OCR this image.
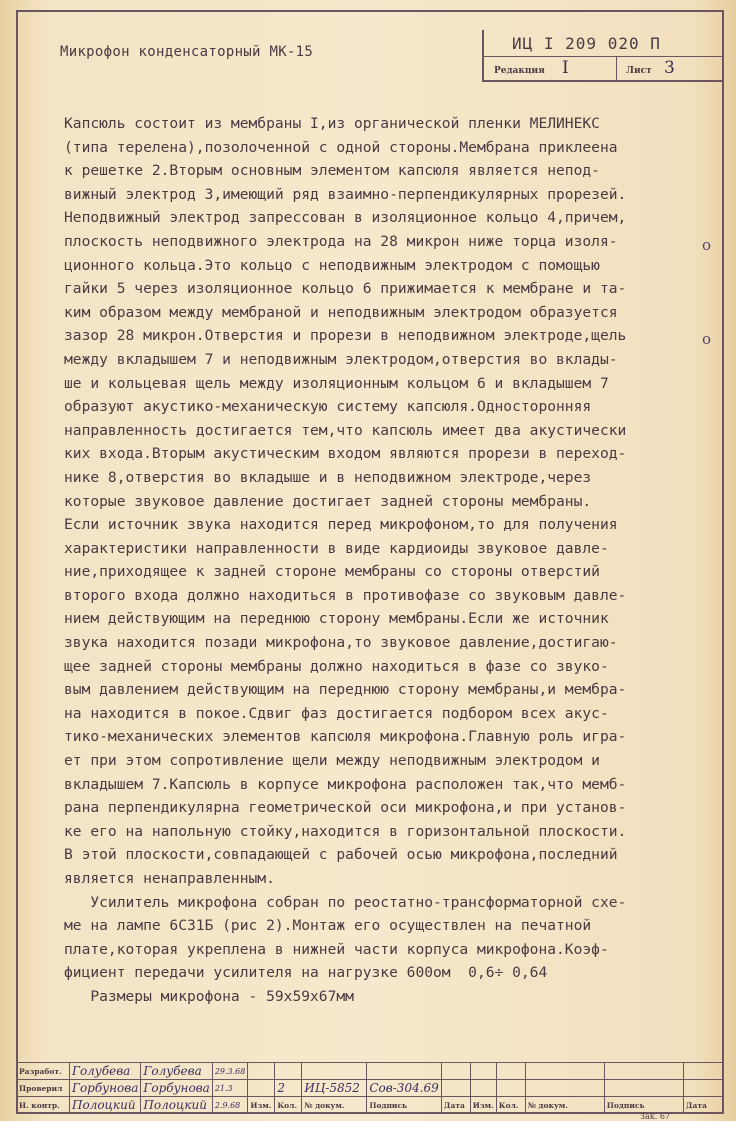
Микрофон конденсаторный МК-15	ИЦ I 209 020 П
Редакция I	Лист 3

Капсюль состоит из мембраны I,из органической пленки МЕЛИНЕКС

(типа терелена),позолоченной с одной стороны.Мембрана приклеена

к решетке 2.Вторым основным элементом капсюля является непод-

вижный электрод 3,имеющий ряд взаимно-перпендикулярных прорезей.

Неподвижный электрод запрессован в изоляционное кольцо 4,причем,

плоскость неподвижного электрода на 28 микрон ниже торца изоля-

ционного кольца.Это кольцо с неподвижным электродом с помощью

гайки 5 через изоляционное кольцо 6 прижимается к мембране и та-

ким образом между мембраной и неподвижным электродом образуется

зазор 28 микрон.Отверстия и прорези в неподвижном электроде,щель

между вкладышем 7 и неподвижным электродом,отверстия во вклады-

ше и кольцевая щель между изоляционным кольцом 6 и вкладышем 7

образуют акустико-механическую систему капсюля.Односторонняя

направленность достигается тем,что капсюль имеет два акустически

ких входа.Вторым акустическим входом являются прорези в переход-

нике 8,отверстия во вкладыше и в неподвижном электроде,через

которые звуковое давление достигает задней стороны мембраны.

Если источник звука находится перед микрофоном,то для получения

характеристики направленности в виде кардиоиды звуковое давле-

ние,приходящее к задней стороне мембраны со стороны отверстий

второго входа должно находиться в противофазе со звуковым давле-

нием действующим на переднюю сторону мембраны.Если же источник

звука находится позади микрофона,то звуковое давление,достигаю-

щее задней стороны мембраны должно находиться в фазе со звуко-

вым давлением действующим на переднюю сторону мембраны,и мембра-

на находится в покое.Сдвиг фаз достигается подбором всех акус-

тико-механических элементов капсюля микрофона.Главную роль игра-

ет при этом сопротивление щели между неподвижным электродом и

вкладышем 7.Капсюль в корпусе микрофона расположен так,что мемб-

рана перпендикулярна геометрической оси микрофона,и при установ-

ке его на напольную стойку,находится в горизонтальной плоскости.

В этой плоскости,совпадающей с рабочей осью микрофона,последний

является ненаправленным.

Усилитель микрофона собран по реостатно-трансформаторной схе-

ме на лампе 6С31Б (рис 2).Монтаж его осуществлен на печатной

плате,которая укреплена в нижней части корпуса микрофона.Коэф-

фициент передачи усилителя на нагрузке 600ом  0,6÷ 0,64

Размеры микрофона - 59х59х67мм

о
о
Разработ.	Голубева	Голубева	29.3.68										
Проверил	Горбунова	Горбунова	21.3		2	ИЦ-5852	Сов-304.69						
Н. контр.	Полоцкий	Полоцкий	2.9.68	Изм.	Кол.	№ докум.	Подпись	Дата	Изм.	Кол.	№ докум.	Подпись	Дата
Зак. 67
